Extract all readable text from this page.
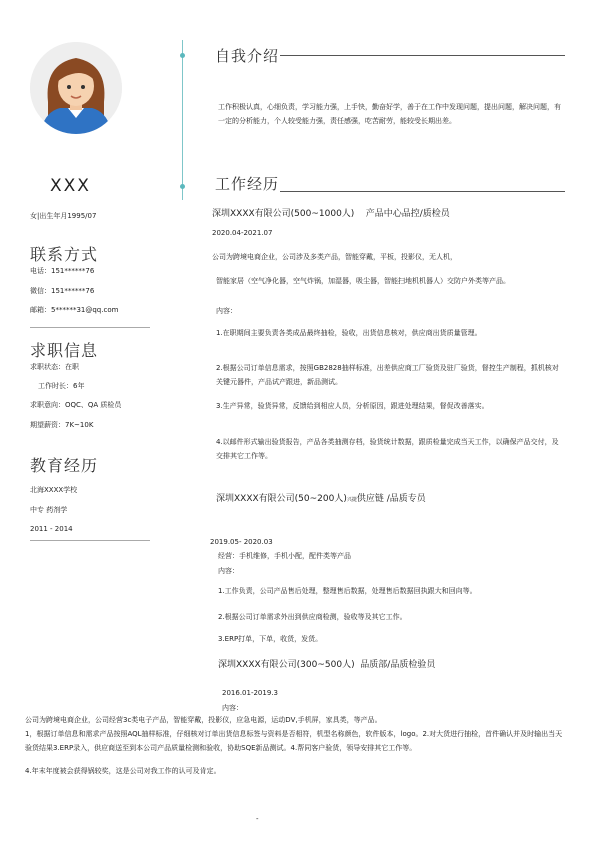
XXX
女|出生年月1995/07
联系方式
电话：151******76
微信：151******76
邮箱：5******31@qq.com
求职信息
求职状态：在职
工作时长：6年
求职意向：OQC、QA 质检员
期望薪资：7K~10K
教育经历
北海XXXX学校
中专 药剂学
2011 - 2014
自我介绍
工作积极认真，心细负责，学习能力强，上手快，勤奋好学，善于在工作中发现问题，提出问题，解决问题，有一定的分析能力，个人较受能力强，责任感强，吃苦耐劳，能较受长期出差。
工作经历
深圳XXXX有限公司(500~1000人)    产品中心品控/质检员
2020.04-2021.07
公司为跨境电商企业，公司涉及多类产品，智能穿戴，平板，投影仪，无人机，
智能家居（空气净化器，空气炸锅，加湿器，吸尘器，智能扫地机机器人）交防户外类等产品。
内容：
1.在职期间主要负责各类成品最终抽检，验收，出货信息核对，供应商出货质量管理。
2.根据公司订单信息需求，按照GB2828抽样标准，出差供应商工厂验货及驻厂验货，督控生产制程，抓机核对关键元器件，产品试产跟进，新品测试。
3.生产异常，验货异常，反馈给到相应人员，分析原因，跟进处理结果，督促改善落实。
4.以邮件形式输出验货报告，产品各类抽测存档，验货统计数据，跟质检量完成当天工作，以确保产品交付，及交排其它工作等。
深圳XXXX有限公司(50~200人)兴捷供应链 /品质专员
2019.05- 2020.03
经营：手机维修，手机小配，配件类等产品
内容：
1.工作负责，公司产品售后处理，整理售后数据，处理售后数据回执跟大和回向等。
2.根据公司订单需求外出到供应商检测，验收等及其它工作。
3.ERP打单，下单，收货，发货。
深圳XXXX有限公司(300~500人)  品质部/品质检验员
2016.01-2019.3
内容：
公司为跨境电商企业，公司经营3c类电子产品，智能穿戴，投影仪，应急电源，运动DV,手机屏，家具类，等产品。
1，根据订单信息和需求产品按照AQL抽样标准，仔细核对订单出货信息标签与资料是否相符，机型名称颜色，软件版本，logo。2.对大货进行抽检，首件确认并及时输出当天验货结果3.ERP录入，供应商送至到本公司产品质量检测和验收，协助SQE新品测试。4.帮同客户验货，领导安排其它工作等。
4.年末年度被会获得锅较奖，这是公司对我工作的认可及肯定。
-
